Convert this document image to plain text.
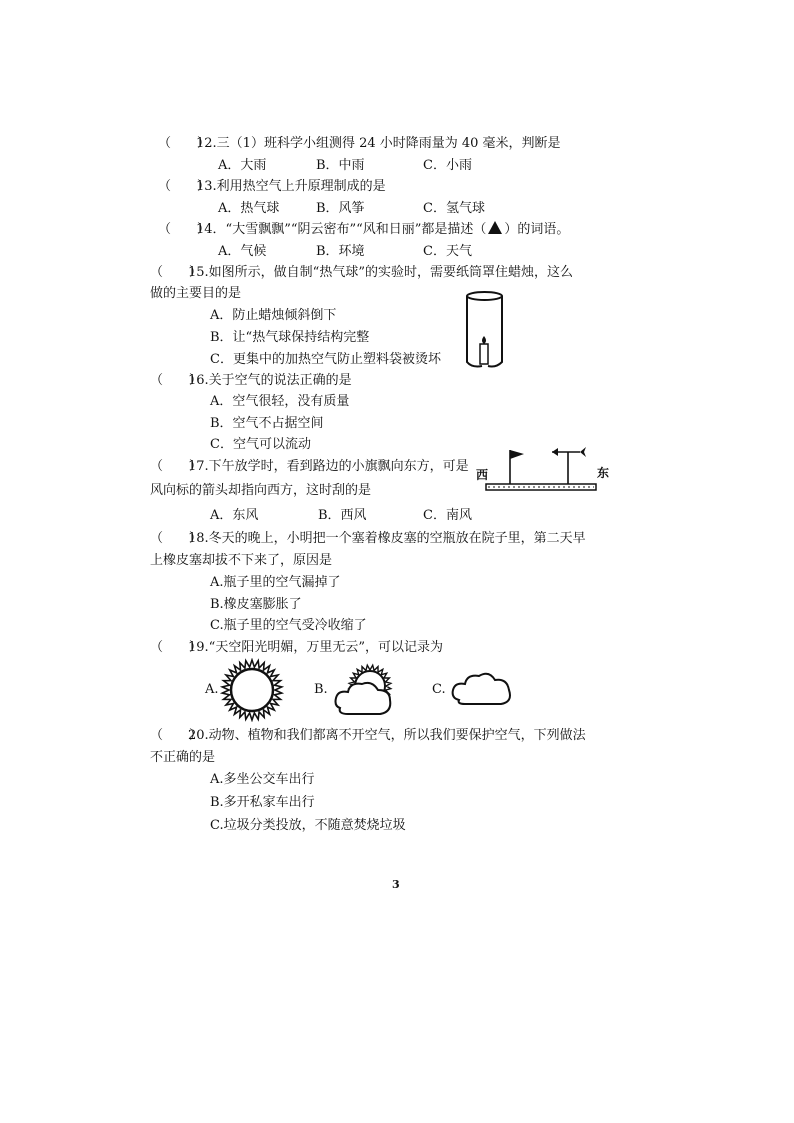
（　　）12.三（1）班科学小组测得 24 小时降雨量为 40 毫米，判断是
A．大雨	B．中雨	C．小雨
（　　）13.利用热空气上升原理制成的是
A．热气球	B．风筝	C．氢气球
（　　）14．“大雪飘飘”“阴云密布”“风和日丽”都是描述（ ）的词语。
A．气候	B．环境	C．天气
（　　）15.如图所示，做自制“热气球”的实验时，需要纸筒罩住蜡烛，这么
做的主要目的是
A．防止蜡烛倾斜倒下
B．让“热气球保持结构完整
C．更集中的加热空气防止塑料袋被烫坏
（　　）16.关于空气的说法正确的是
A．空气很轻，没有质量
B．空气不占据空间
C．空气可以流动
（　　）17.下午放学时，看到路边的小旗飘向东方，可是
风向标的箭头却指向西方，这时刮的是
A．东风	B．西风	C．南风
西	东
（　　）18.冬天的晚上，小明把一个塞着橡皮塞的空瓶放在院子里，第二天早
上橡皮塞却拔不下来了，原因是
A.瓶子里的空气漏掉了
B.橡皮塞膨胀了
C.瓶子里的空气受冷收缩了
（　　）19.“天空阳光明媚，万里无云”，可以记录为
A.	B.	C.
（　　）20.动物、植物和我们都离不开空气，所以我们要保护空气，下列做法
不正确的是
A.多坐公交车出行
B.多开私家车出行
C.垃圾分类投放，不随意焚烧垃圾
3
